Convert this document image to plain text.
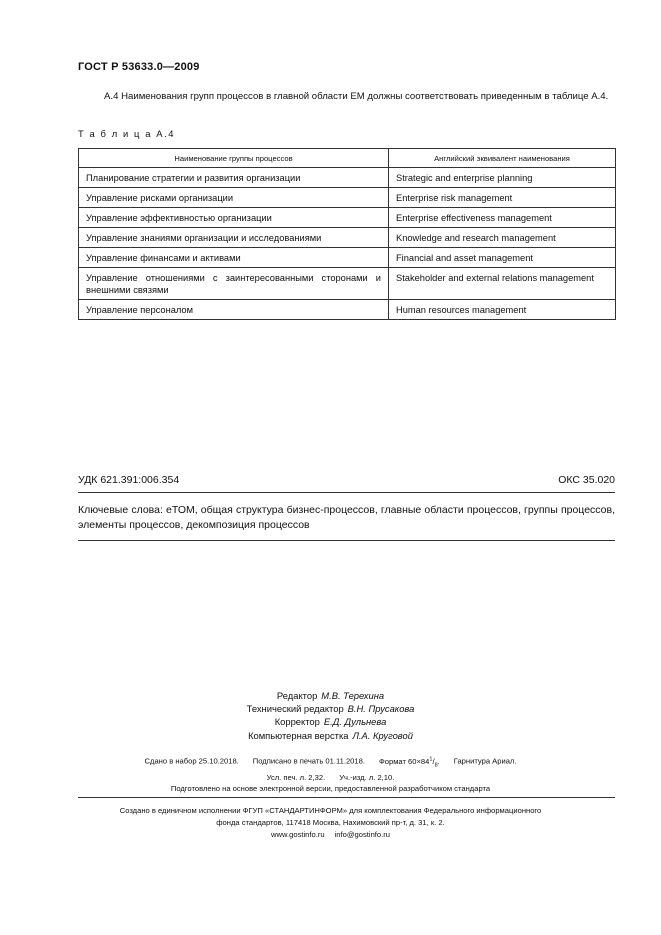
ГОСТ Р 53633.0—2009
А.4 Наименования групп процессов в главной области ЕМ должны соответствовать приведенным в таблице А.4.
Т а б л и ц а А.4
Наименование группы процессов	Английский эквивалент наименования
Планирование стратегии и развития организации	Strategic and enterprise planning
Управление рисками организации	Enterprise risk management
Управление эффективностью организации	Enterprise effectiveness management
Управление знаниями организации и исследованиями	Knowledge and research management
Управление финансами и активами	Financial and asset management
Управление отношениями с заинтересованными сторонами и внешними связями	Stakeholder and external relations management
Управление персоналом	Human resources management
УДК 621.391:006.354	ОКС 35.020
Ключевые слова: еТОМ, общая структура бизнес-процессов, главные области процессов, группы процессов, элементы процессов, декомпозиция процессов
Редактор М.В. Терехина
Технический редактор В.Н. Прусакова
Корректор Е.Д. Дульнева
Компьютерная верстка Л.А. Круговой
Сдано в набор 25.10.2018. Подписано в печать 01.11.2018. Формат $60\times 84^1/_8$. Гарнитура Ариал.
Усл. печ. л. 2,32. Уч.-изд. л. 2,10.
Подготовлено на основе электронной версии, предоставленной разработчиком стандарта
Создано в единичном исполнении ФГУП «СТАНДАРТИНФОРМ» для комплектования Федерального информационного
фонда стандартов, 117418 Москва, Нахимовский пр-т, д. 31, к. 2.
www.gostinfo.ru info@gostinfo.ru
